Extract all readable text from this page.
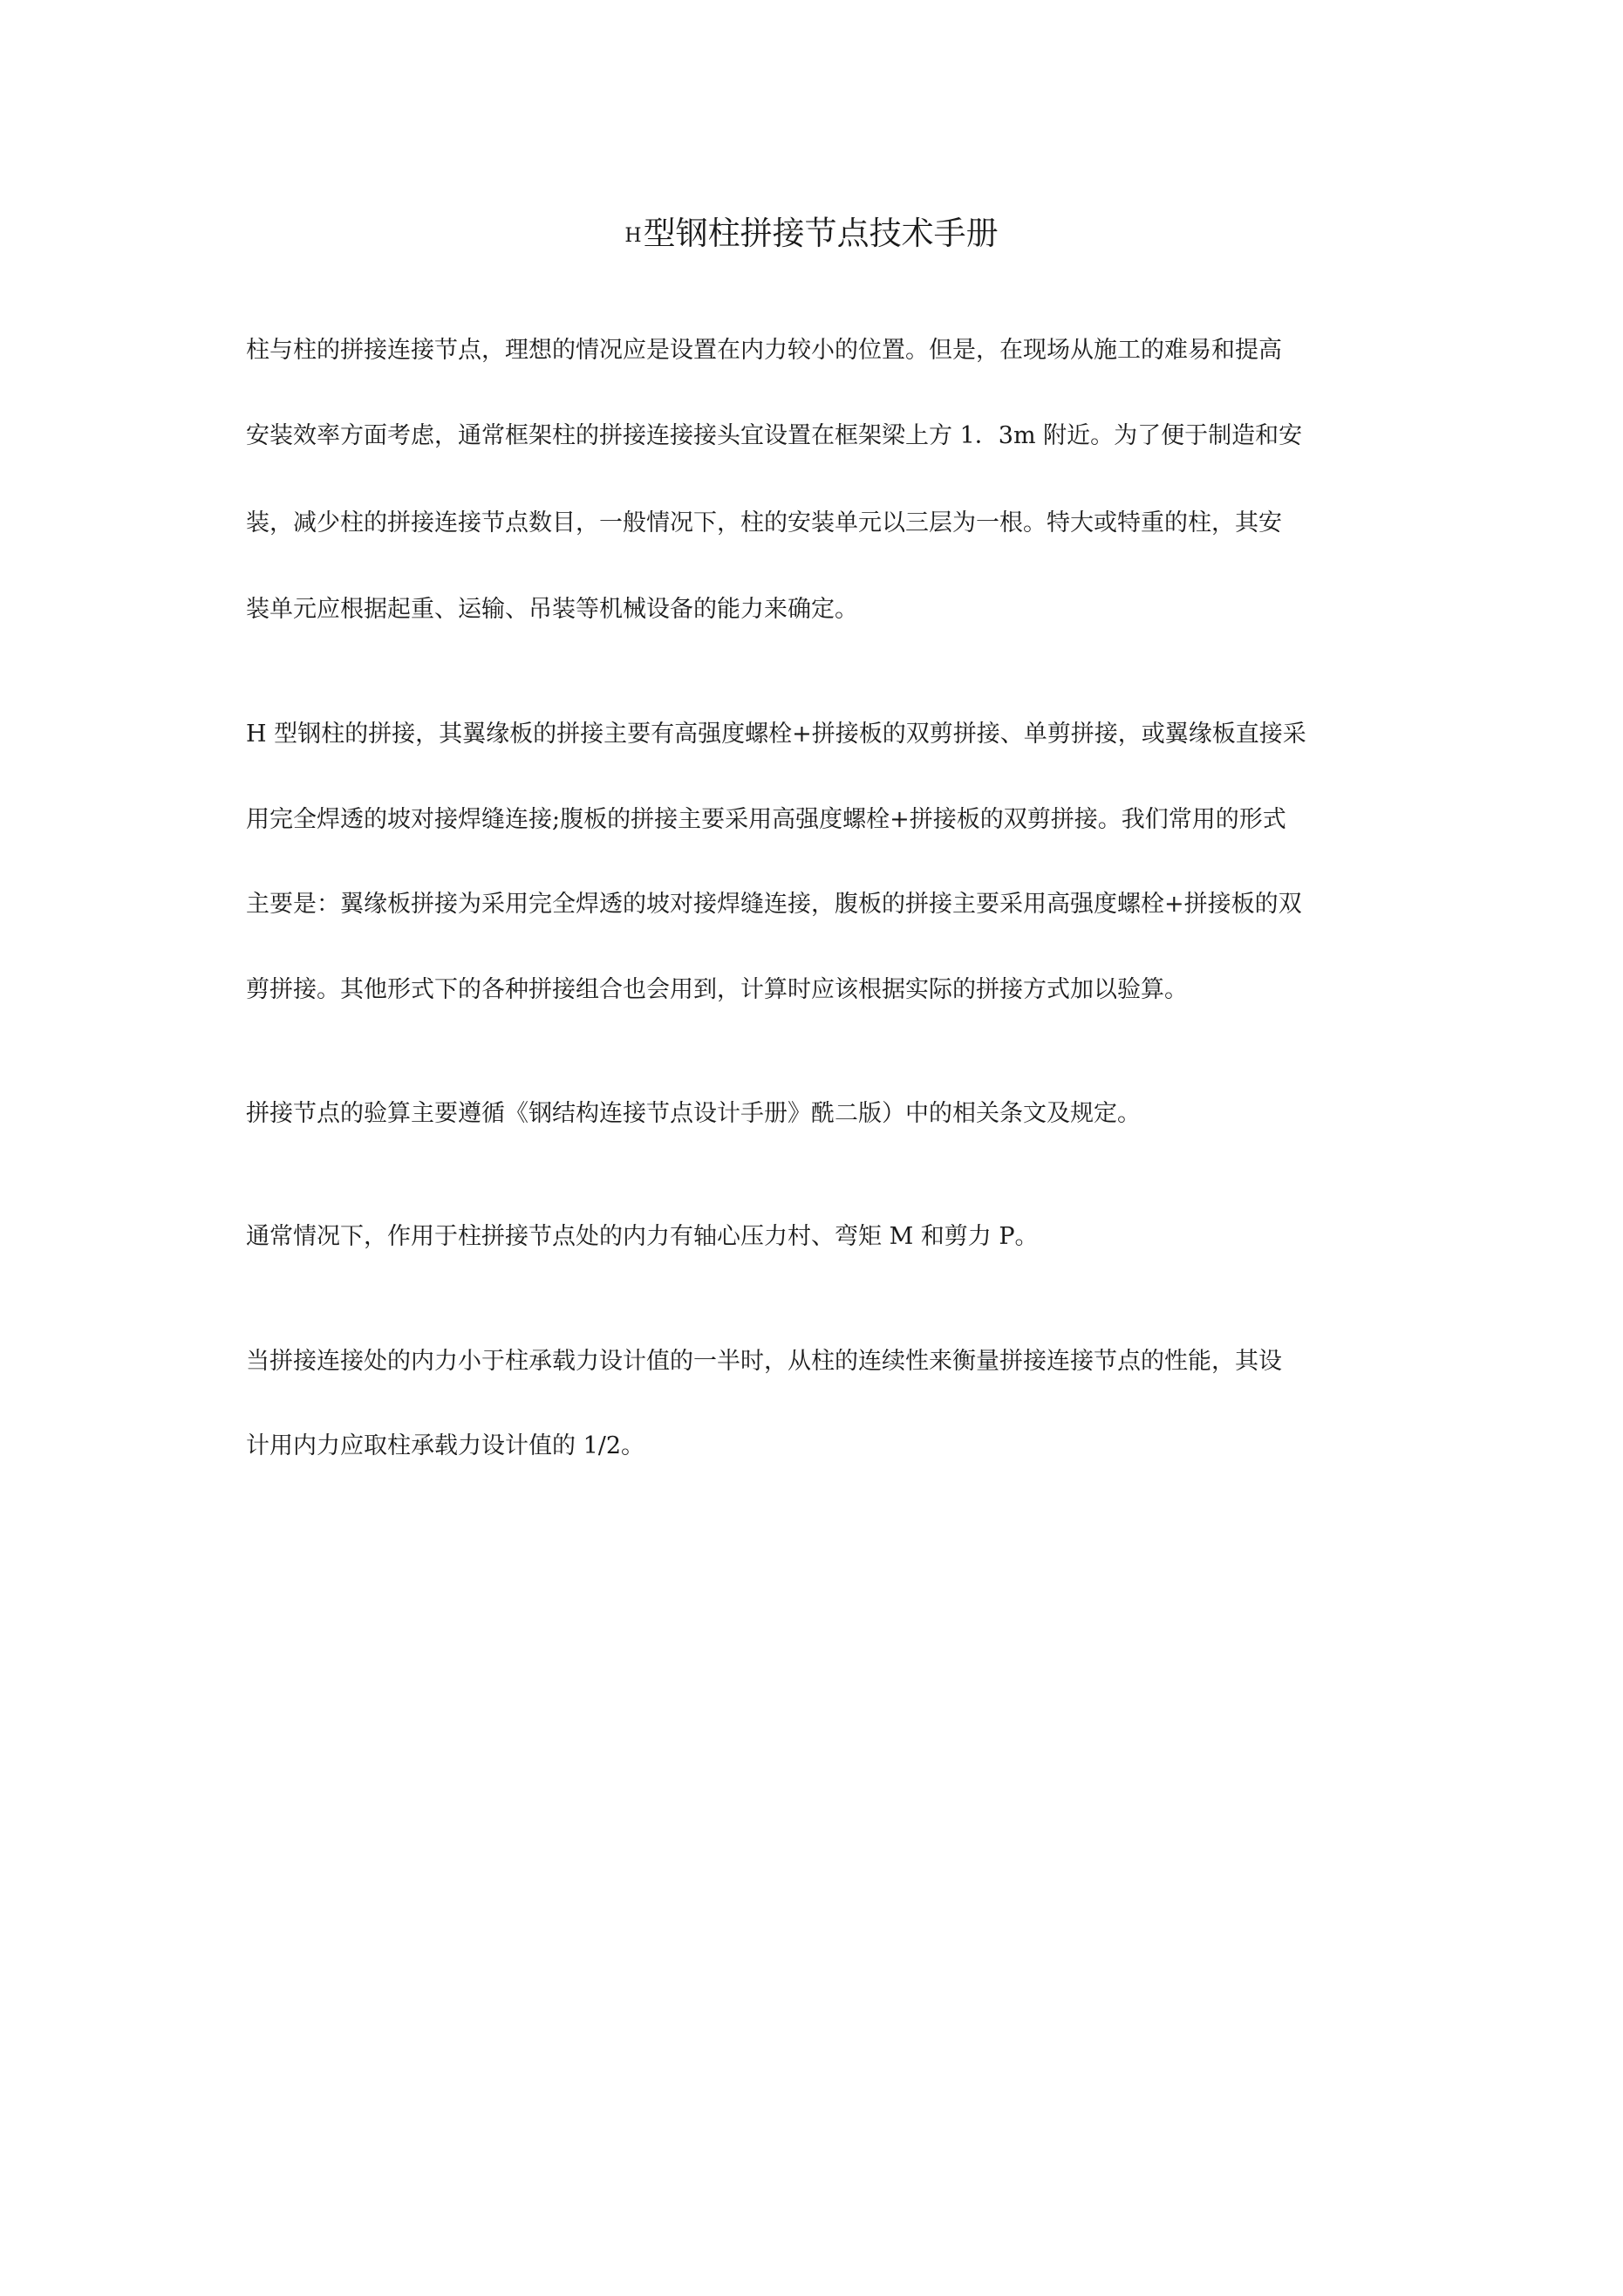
H型钢柱拼接节点技术手册

柱与柱的拼接连接节点，理想的情况应是设置在内力较小的位置。但是，在现场从施工的难易和提高

安装效率方面考虑，通常框架柱的拼接连接接头宜设置在框架梁上方 1．3m 附近。为了便于制造和安

装，减少柱的拼接连接节点数目，一般情况下，柱的安装单元以三层为一根。特大或特重的柱，其安

装单元应根据起重、运输、吊装等机械设备的能力来确定。

H 型钢柱的拼接，其翼缘板的拼接主要有高强度螺栓+拼接板的双剪拼接、单剪拼接，或翼缘板直接采

用完全焊透的坡对接焊缝连接;腹板的拼接主要采用高强度螺栓+拼接板的双剪拼接。我们常用的形式

主要是：翼缘板拼接为采用完全焊透的坡对接焊缝连接，腹板的拼接主要采用高强度螺栓+拼接板的双

剪拼接。其他形式下的各种拼接组合也会用到，计算时应该根据实际的拼接方式加以验算。

拼接节点的验算主要遵循《钢结构连接节点设计手册》酰二版）中的相关条文及规定。

通常情况下，作用于柱拼接节点处的内力有轴心压力村、弯矩 M 和剪力 P。

当拼接连接处的内力小于柱承载力设计值的一半时，从柱的连续性来衡量拼接连接节点的性能，其设

计用内力应取柱承载力设计值的 1/2。
